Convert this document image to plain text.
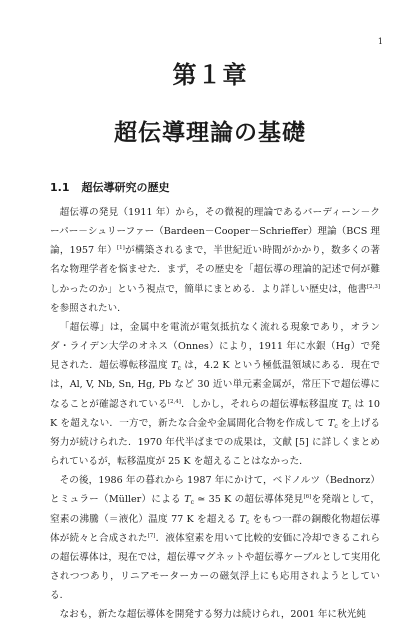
1
第１章
超伝導理論の基礎
1.1 超伝導研究の歴史

超伝導の発見（1911 年）から，その微視的理論であるバーディーン－クーパー－シュリーファー（Bardeen－Cooper－Schrieffer）理論（BCS 理論，1957 年）[1]が構築されるまで，半世紀近い時間がかかり，数多くの著名な物理学者を悩ませた．まず，その歴史を「超伝導の理論的記述で何が難しかったのか」という視点で，簡単にまとめる．より詳しい歴史は，他書[2,3]を参照されたい．

「超伝導」は，金属中を電流が電気抵抗なく流れる現象であり，オランダ・ライデン大学のオネス（Onnes）により，1911 年に水銀（Hg）で発見された．超伝導転移温度 $T_c$ は，4.2 K という極低温領域にある．現在では，Al, V, Nb, Sn, Hg, Pb など 30 近い単元素金属が，常圧下で超伝導になることが確認されている[2,4]．しかし，それらの超伝導転移温度 $T_c$ は 10 K を超えない．一方で，新たな合金や金属間化合物を作成して $T_c$ を上げる努力が続けられた．1970 年代半ばまでの成果は，文献 [5] に詳しくまとめられているが，転移温度が 25 K を超えることはなかった．

その後，1986 年の暮れから 1987 年にかけて，ベドノルツ（Bednorz）とミュラー（Müller）による $T_c$ ≃ 35 K の超伝導体発見[6]を発端として，窒素の沸騰（＝液化）温度 77 K を超える $T_c$ をもつ一群の銅酸化物超伝導体が続々と合成された[7]．液体窒素を用いて比較的安価に冷却できるこれらの超伝導体は，現在では，超伝導マグネットや超伝導ケーブルとして実用化されつつあり，リニアモーターカーの磁気浮上にも応用されようとしている．

なおも，新たな超伝導体を開発する努力は続けられ，2001 年に秋光純
